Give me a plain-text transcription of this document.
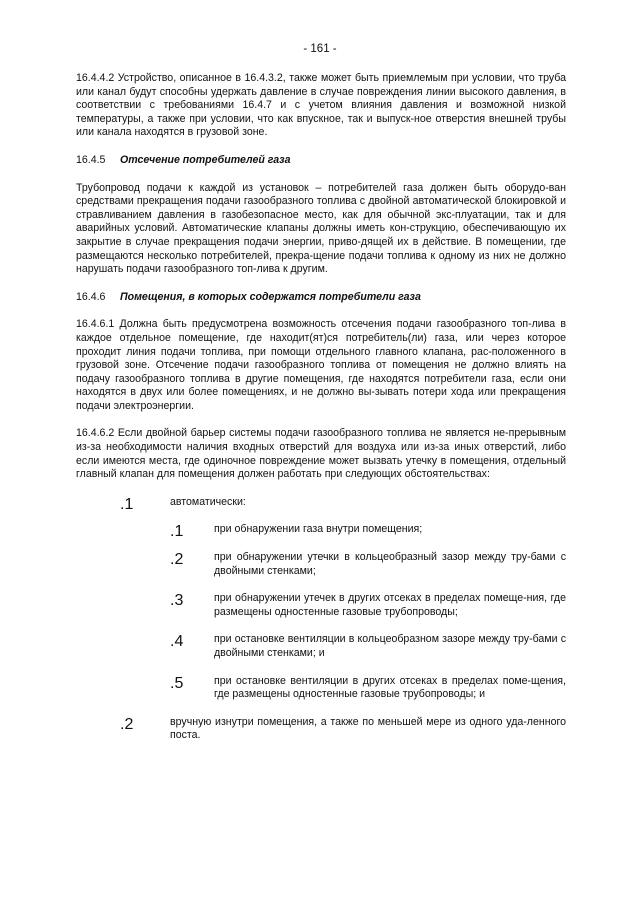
- 161 -

16.4.4.2 Устройство, описанное в 16.4.3.2, также может быть приемлемым при условии, что труба или канал будут способны удержать давление в случае повреждения линии высокого давления, в соответствии с требованиями 16.4.7 и с учетом влияния давления и возможной низкой температуры, а также при условии, что как впускное, так и выпуск-ное отверстия внешней трубы или канала находятся в грузовой зоне.

16.4.5 Отсечение потребителей газа

Трубопровод подачи к каждой из установок – потребителей газа должен быть оборудо-ван средствами прекращения подачи газообразного топлива с двойной автоматической блокировкой и стравливанием давления в газобезопасное место, как для обычной экс-плуатации, так и для аварийных условий. Автоматические клапаны должны иметь кон-струкцию, обеспечивающую их закрытие в случае прекращения подачи энергии, приво-дящей их в действие. В помещении, где размещаются несколько потребителей, прекра-щение подачи топлива к одному из них не должно нарушать подачи газообразного топ-лива к другим.

16.4.6 Помещения, в которых содержатся потребители газа

16.4.6.1 Должна быть предусмотрена возможность отсечения подачи газообразного топ-лива в каждое отдельное помещение, где находит(ят)ся потребитель(ли) газа, или через которое проходит линия подачи топлива, при помощи отдельного главного клапана, рас-положенного в грузовой зоне. Отсечение подачи газообразного топлива от помещения не должно влиять на подачу газообразного топлива в другие помещения, где находятся потребители газа, если они находятся в двух или более помещениях, и не должно вы-зывать потери хода или прекращения подачи электроэнергии.

16.4.6.2 Если двойной барьер системы подачи газообразного топлива не является не-прерывным из-за необходимости наличия входных отверстий для воздуха или из-за иных отверстий, либо если имеются места, где одиночное повреждение может вызвать утечку в помещения, отдельный главный клапан для помещения должен работать при следующих обстоятельствах:

.1	автоматически:

.1	при обнаружении газа внутри помещения;

.2	при обнаружении утечки в кольцеобразный зазор между тру-бами с двойными стенками;

.3	при обнаружении утечек в других отсеках в пределах помеще-ния, где размещены одностенные газовые трубопроводы;

.4	при остановке вентиляции в кольцеобразном зазоре между тру-бами с двойными стенками; и

.5	при остановке вентиляции в других отсеках в пределах поме-щения, где размещены одностенные газовые трубопроводы; и

.2	вручную изнутри помещения, а также по меньшей мере из одного уда-ленного поста.
